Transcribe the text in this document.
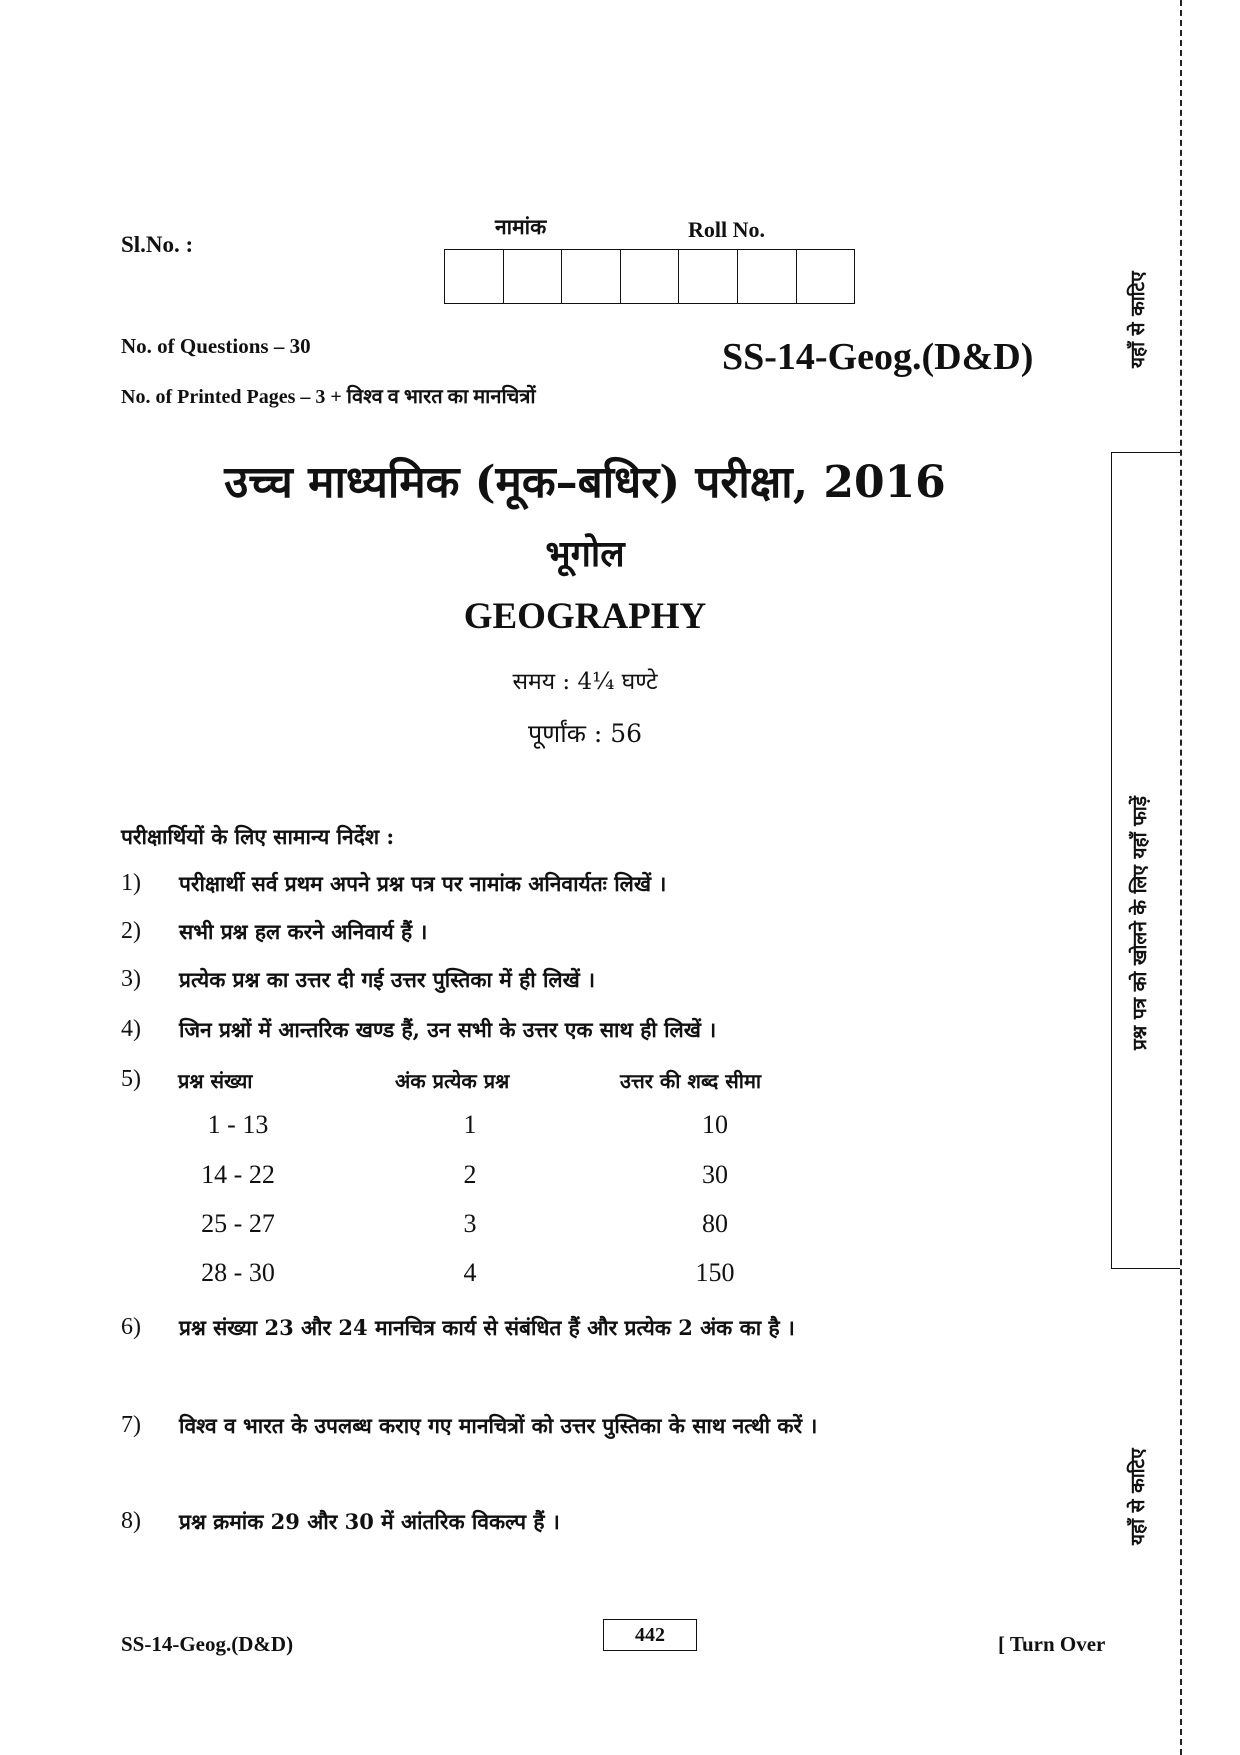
Sl.No. :
नामांक	Roll No.
No. of Questions – 30	SS-14-Geog.(D&D)
No. of Printed Pages – 3 + विश्व व भारत का मानचित्रों
उच्च माध्यमिक (मूक–बधिर) परीक्षा, 2016
भूगोल
GEOGRAPHY
समय : 4¼ घण्टे
पूर्णांक : 56
परीक्षार्थियों के लिए सामान्य निर्देश :
1)	परीक्षार्थी सर्व प्रथम अपने प्रश्न पत्र पर नामांक अनिवार्यतः लिखें ।
2)	सभी प्रश्न हल करने अनिवार्य हैं ।
3)	प्रत्येक प्रश्न का उत्तर दी गई उत्तर पुस्तिका में ही लिखें ।
4)	जिन प्रश्नों में आन्तरिक खण्ड हैं, उन सभी के उत्तर एक साथ ही लिखें ।
5)	प्रश्न संख्या	अंक प्रत्येक प्रश्न	उत्तर की शब्द सीमा
1 - 13	1	10
14 - 22	2	30
25 - 27	3	80
28 - 30	4	150
6)	प्रश्न संख्या 23 और 24 मानचित्र कार्य से संबंधित हैं और प्रत्येक 2 अंक का है ।
7)	विश्व व भारत के उपलब्ध कराए गए मानचित्रों को उत्तर पुस्तिका के साथ नत्थी करें ।
8)	प्रश्न क्रमांक 29 और 30 में आंतरिक विकल्प हैं ।
SS-14-Geog.(D&D)	442	[ Turn Over
यहाँ से काटिए
प्रश्न पत्र को खोलने के लिए यहाँ फाड़ें
यहाँ से काटिए
